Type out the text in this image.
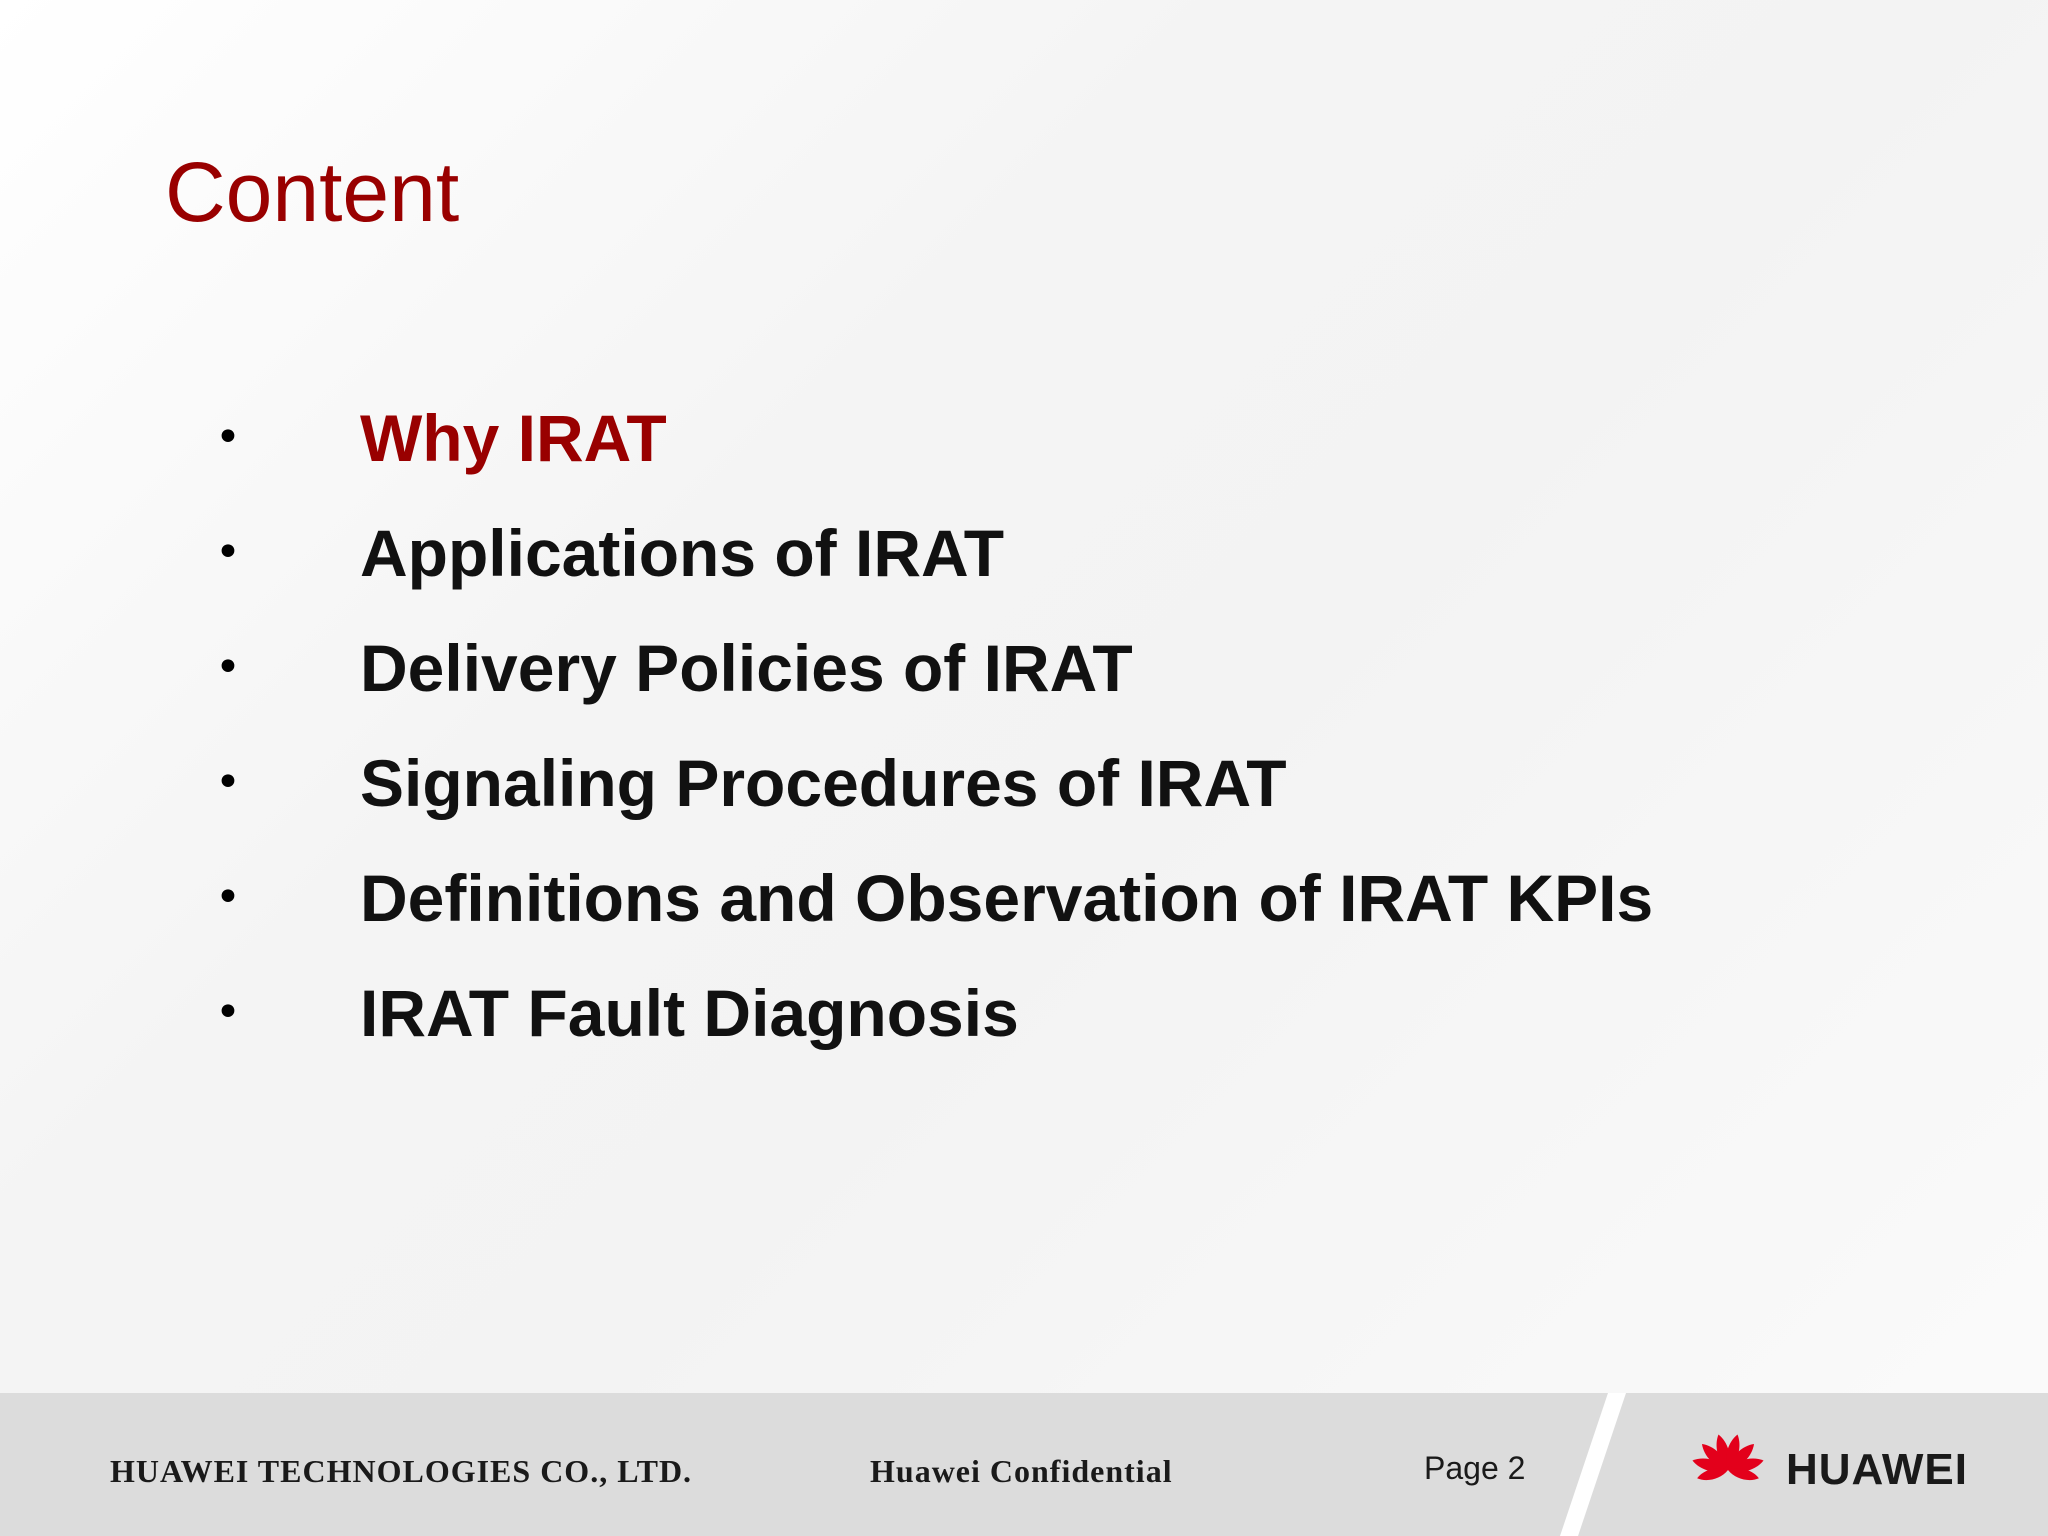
Content
•	Why IRAT
•	Applications of IRAT
•	Delivery Policies of IRAT
•	Signaling Procedures of IRAT
•	Definitions and Observation of IRAT KPIs
•	IRAT Fault Diagnosis
HUAWEI TECHNOLOGIES CO., LTD.	Huawei Confidential	Page 2	HUAWEI
